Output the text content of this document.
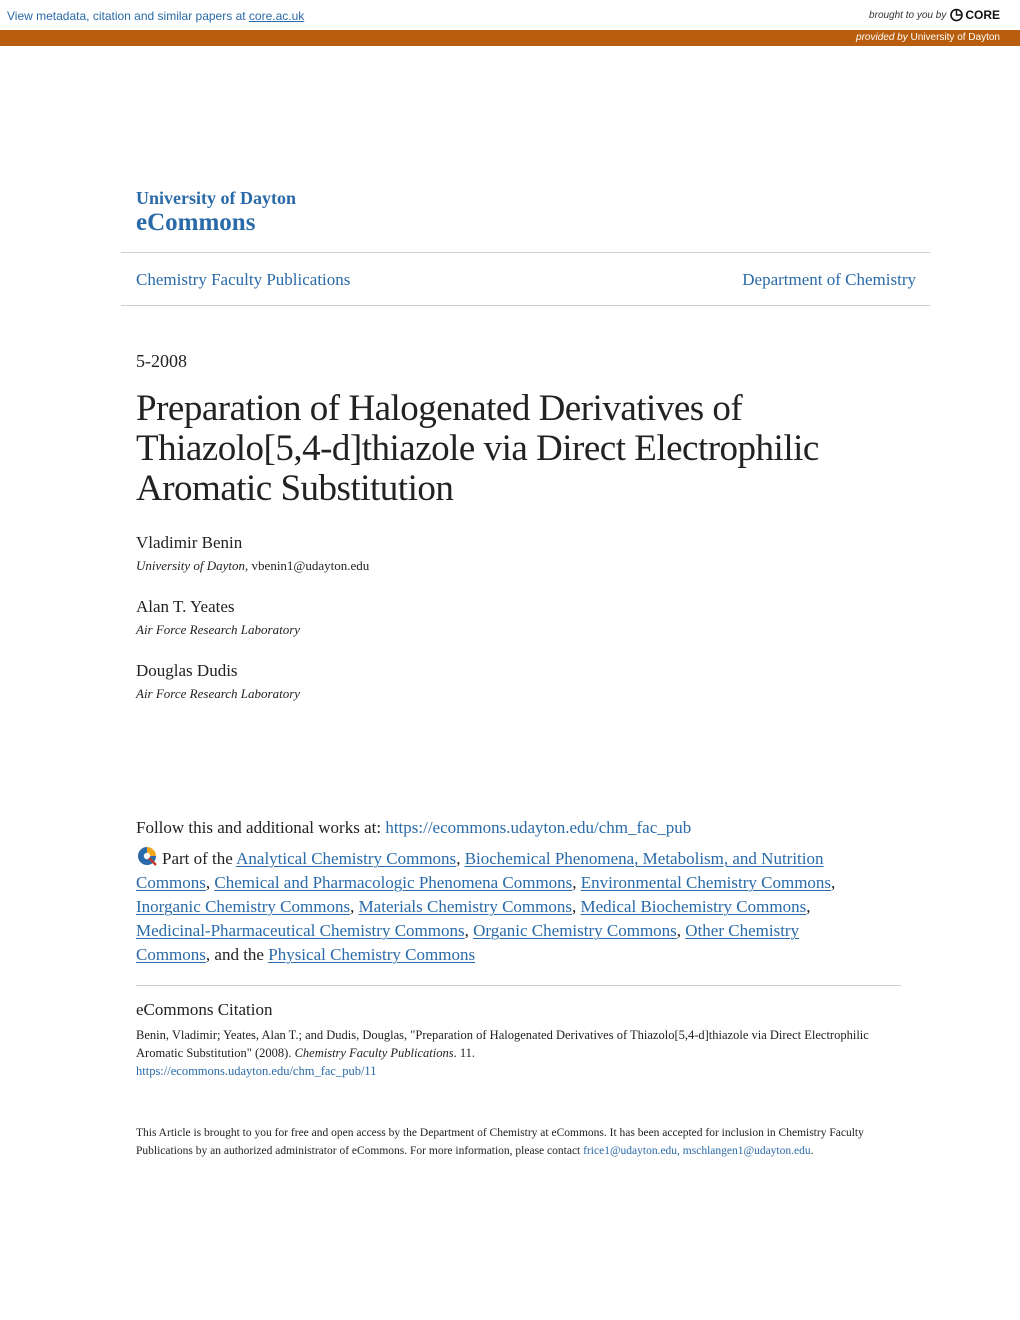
View metadata, citation and similar papers at core.ac.uk	brought to you by CORE
provided by University of Dayton
University of Dayton
eCommons
Chemistry Faculty Publications	Department of Chemistry
5-2008
Preparation of Halogenated Derivatives of Thiazolo[5,4-d]thiazole via Direct Electrophilic Aromatic Substitution
Vladimir Benin
University of Dayton, vbenin1@udayton.edu
Alan T. Yeates
Air Force Research Laboratory
Douglas Dudis
Air Force Research Laboratory
Follow this and additional works at: https://ecommons.udayton.edu/chm_fac_pub
Part of the Analytical Chemistry Commons, Biochemical Phenomena, Metabolism, and Nutrition Commons, Chemical and Pharmacologic Phenomena Commons, Environmental Chemistry Commons, Inorganic Chemistry Commons, Materials Chemistry Commons, Medical Biochemistry Commons, Medicinal-Pharmaceutical Chemistry Commons, Organic Chemistry Commons, Other Chemistry Commons, and the Physical Chemistry Commons
eCommons Citation
Benin, Vladimir; Yeates, Alan T.; and Dudis, Douglas, "Preparation of Halogenated Derivatives of Thiazolo[5,4-d]thiazole via Direct Electrophilic Aromatic Substitution" (2008). Chemistry Faculty Publications. 11.
https://ecommons.udayton.edu/chm_fac_pub/11
This Article is brought to you for free and open access by the Department of Chemistry at eCommons. It has been accepted for inclusion in Chemistry Faculty Publications by an authorized administrator of eCommons. For more information, please contact frice1@udayton.edu, mschlangen1@udayton.edu.
